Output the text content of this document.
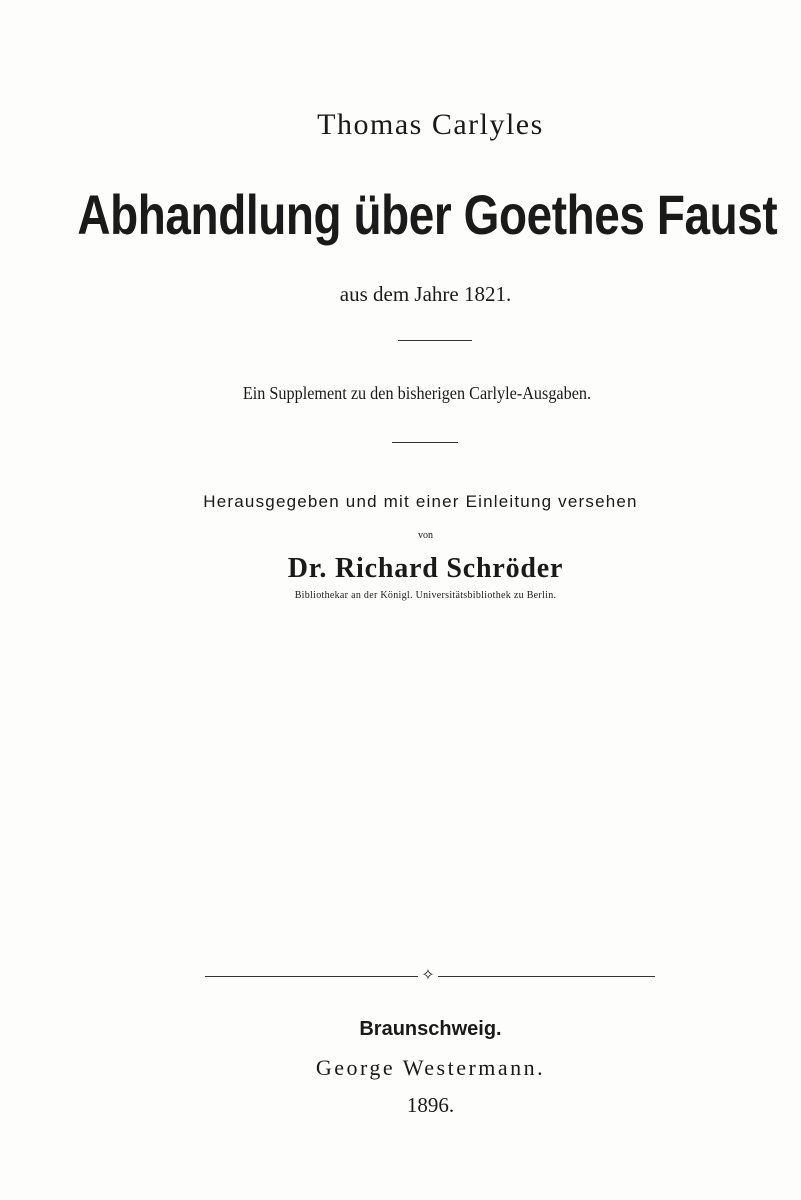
Thomas Carlyles
Abhandlung über Goethes Faust
aus dem Jahre 1821.
Ein Supplement zu den bisherigen Carlyle-Ausgaben.
Herausgegeben und mit einer Einleitung versehen
von
Dr. Richard Schröder
Bibliothekar an der Königl. Universitätsbibliothek zu Berlin.
✧
Braunschweig.
George Westermann.
1896.
